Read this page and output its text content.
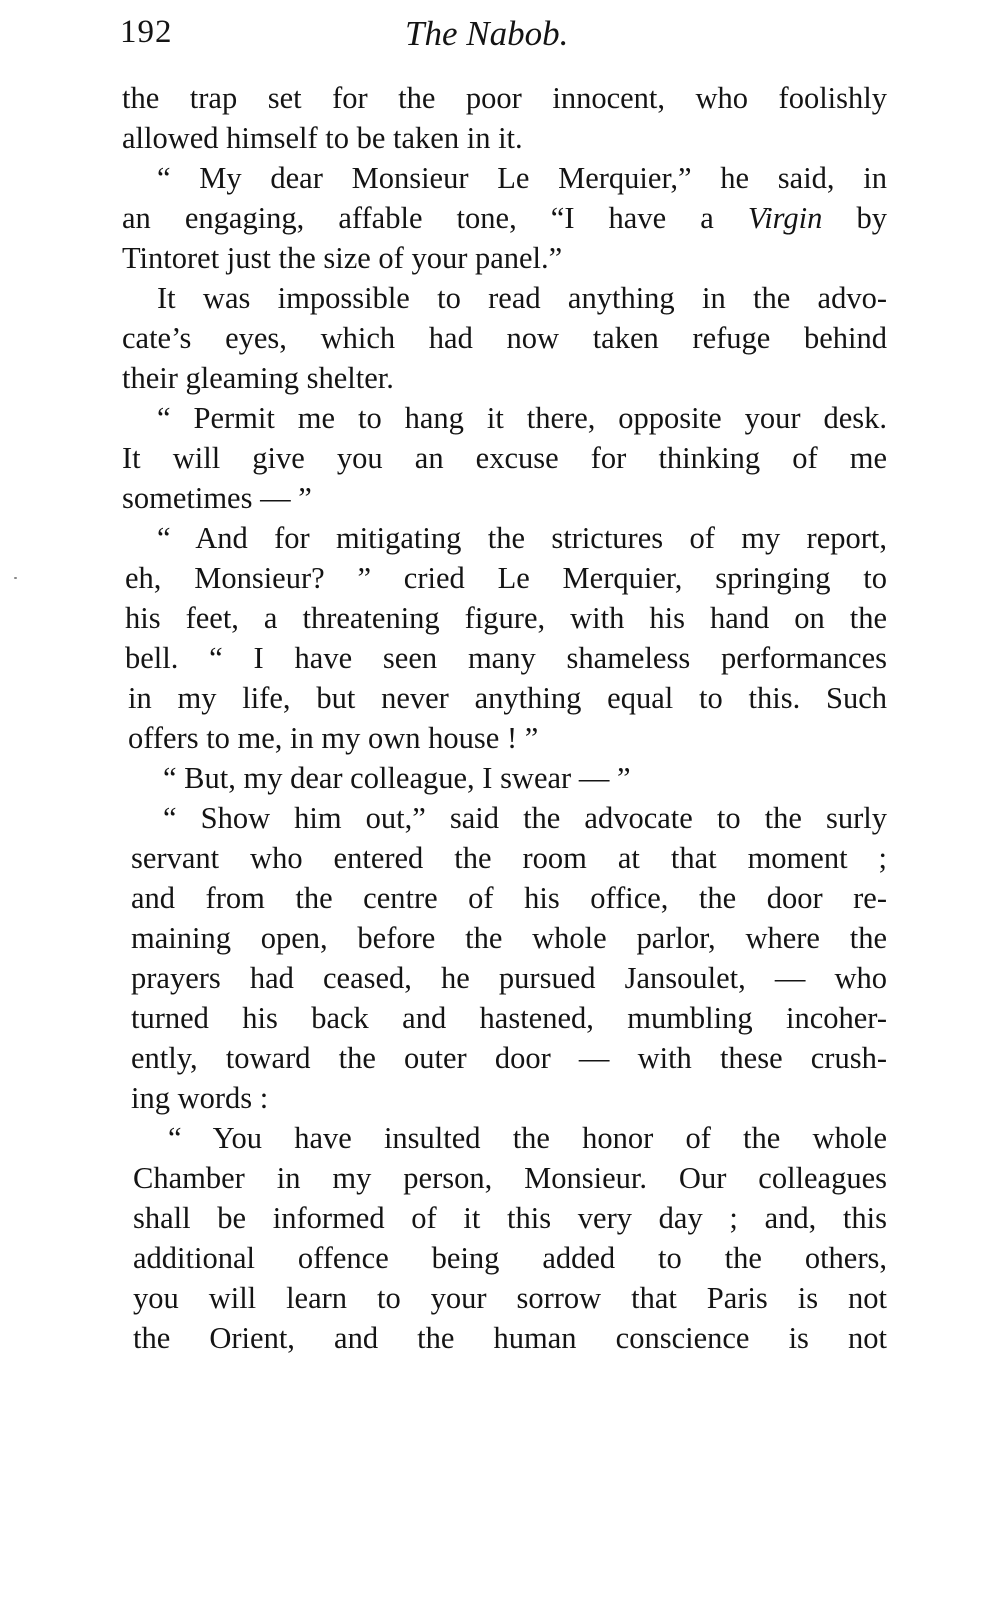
192	The Nabob.
the trap set for the poor innocent, who foolishly
allowed himself to be taken in it.
“ My dear Monsieur Le Merquier,” he said, in
an engaging, affable tone, “I have a Virgin by
Tintoret just the size of your panel.”
It was impossible to read anything in the advo-
cate’s eyes, which had now taken refuge behind
their gleaming shelter.
“ Permit me to hang it there, opposite your desk.
It will give you an excuse for thinking of me
sometimes — ”
“ And for mitigating the strictures of my report,
eh, Monsieur? ” cried Le Merquier, springing to
his feet, a threatening figure, with his hand on the
bell. “ I have seen many shameless performances
in my life, but never anything equal to this. Such
offers to me, in my own house ! ”
“ But, my dear colleague, I swear — ”
“ Show him out,” said the advocate to the surly
servant who entered the room at that moment ;
and from the centre of his office, the door re-
maining open, before the whole parlor, where the
prayers had ceased, he pursued Jansoulet, — who
turned his back and hastened, mumbling incoher-
ently, toward the outer door — with these crush-
ing words :
“ You have insulted the honor of the whole
Chamber in my person, Monsieur. Our colleagues
shall be informed of it this very day ; and, this
additional offence being added to the others,
you will learn to your sorrow that Paris is not
the Orient, and the human conscience is not
